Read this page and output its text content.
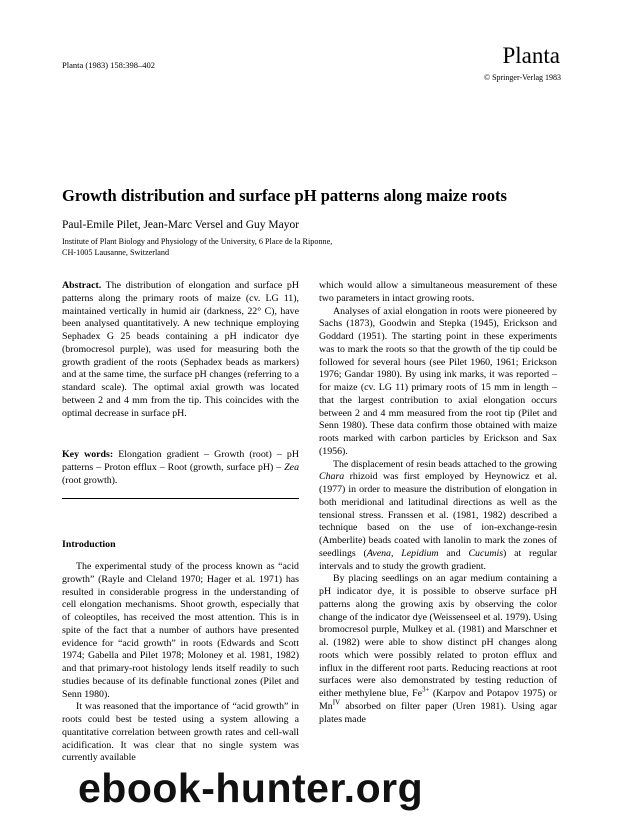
Planta (1983) 158:398–402	Planta
© Springer-Verlag 1983
Growth distribution and surface pH patterns along maize roots
Paul-Emile Pilet, Jean-Marc Versel and Guy Mayor
Institute of Plant Biology and Physiology of the University, 6 Place de la Riponne,
CH-1005 Lausanne, Switzerland

Abstract. The distribution of elongation and surface pH patterns along the primary roots of maize (cv. LG 11), maintained vertically in humid air (darkness, 22° C), have been analysed quantitatively. A new technique employing Sephadex G 25 beads containing a pH indicator dye (bromocresol purple), was used for measuring both the growth gradient of the roots (Sephadex beads as markers) and at the same time, the surface pH changes (referring to a standard scale). The optimal axial growth was located between 2 and 4 mm from the tip. This coincides with the optimal decrease in surface pH.

Key words: Elongation gradient – Growth (root) – pH patterns – Proton efflux – Root (growth, surface pH) – Zea (root growth).

Introduction

The experimental study of the process known as “acid growth” (Rayle and Cleland 1970; Hager et al. 1971) has resulted in considerable progress in the understanding of cell elongation mechanisms. Shoot growth, especially that of coleoptiles, has received the most attention. This is in spite of the fact that a number of authors have presented evidence for “acid growth” in roots (Edwards and Scott 1974; Gabella and Pilet 1978; Moloney et al. 1981, 1982) and that primary-root histology lends itself readily to such studies because of its definable functional zones (Pilet and Senn 1980).

It was reasoned that the importance of “acid growth” in roots could best be tested using a system allowing a quantitative correlation between growth rates and cell-wall acidification. It was clear that no single system was currently available

which would allow a simultaneous measurement of these two parameters in intact growing roots.

Analyses of axial elongation in roots were pioneered by Sachs (1873), Goodwin and Stepka (1945), Erickson and Goddard (1951). The starting point in these experiments was to mark the roots so that the growth of the tip could be followed for several hours (see Pilet 1960, 1961; Erickson 1976; Gandar 1980). By using ink marks, it was reported – for maize (cv. LG 11) primary roots of 15 mm in length – that the largest contribution to axial elongation occurs between 2 and 4 mm measured from the root tip (Pilet and Senn 1980). These data confirm those obtained with maize roots marked with carbon particles by Erickson and Sax (1956).

The displacement of resin beads attached to the growing Chara rhizoid was first employed by Heynowicz et al. (1977) in order to measure the distribution of elongation in both meridional and latitudinal directions as well as the tensional stress. Franssen et al. (1981, 1982) described a technique based on the use of ion-exchange-resin (Amberlite) beads coated with lanolin to mark the zones of seedlings (Avena, Lepidium and Cucumis) at regular intervals and to study the growth gradient.

By placing seedlings on an agar medium containing a pH indicator dye, it is possible to observe surface pH patterns along the growing axis by observing the color change of the indicator dye (Weissenseel et al. 1979). Using bromocresol purple, Mulkey et al. (1981) and Marschner et al. (1982) were able to show distinct pH changes along roots which were possibly related to proton efflux and influx in the different root parts. Reducing reactions at root surfaces were also demonstrated by testing reduction of either methylene blue, $Fe^{3+}$ (Karpov and Potapov 1975) or $Mn^{IV}$ absorbed on filter paper (Uren 1981). Using agar plates made

ebook-hunter.org
